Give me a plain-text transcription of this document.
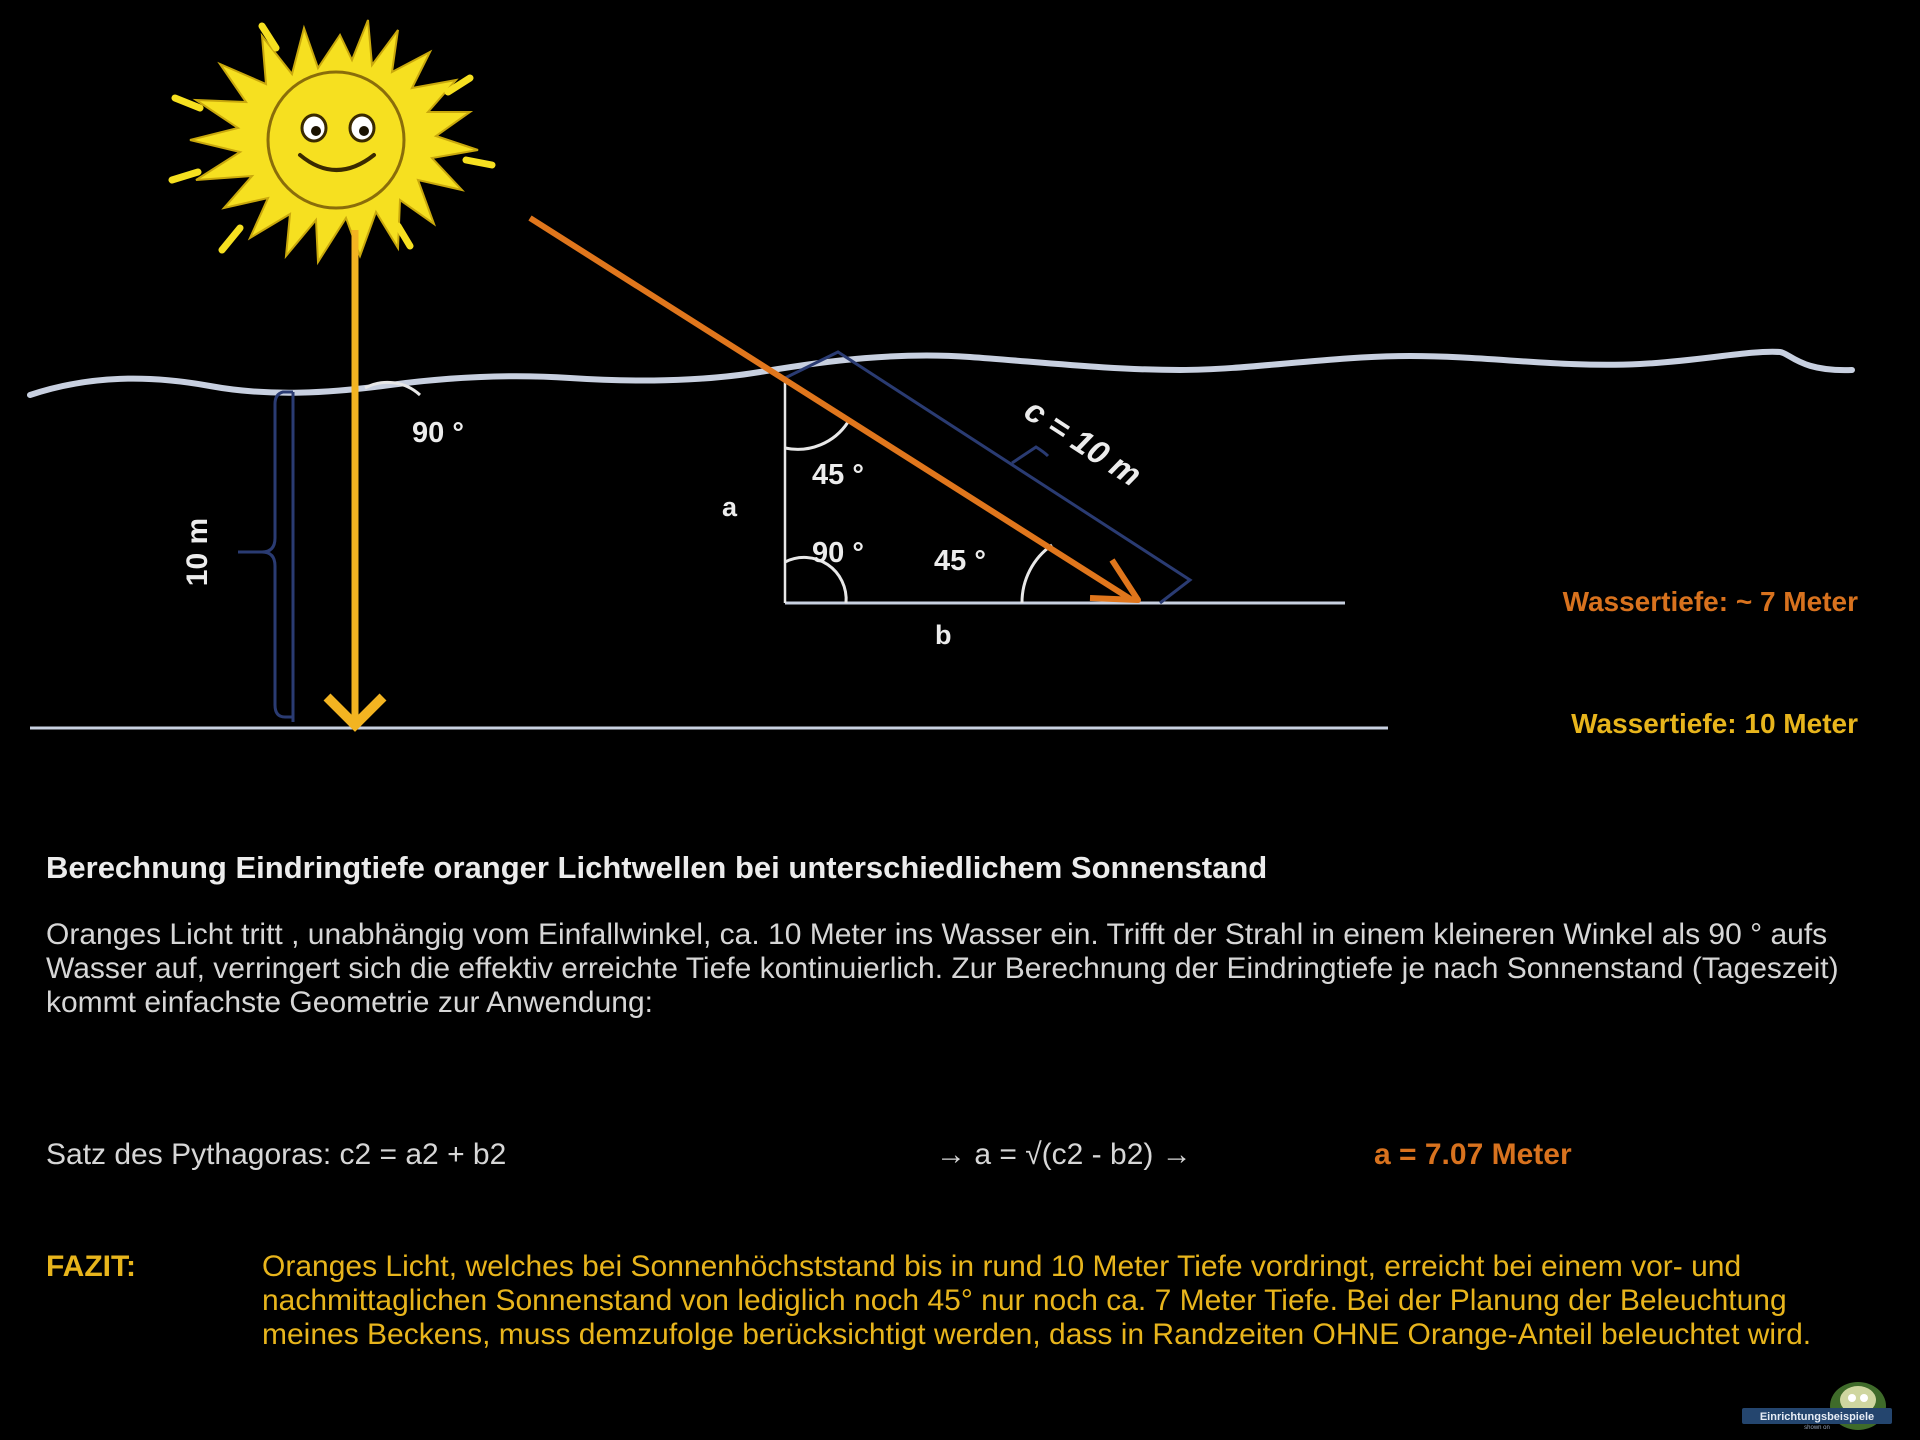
90 °
10 m
c = 10 m
a
b
45 °
90 ° 45 °
Wassertiefe: ~ 7 Meter
Wassertiefe: 10 Meter
Berechnung Eindringtiefe oranger Lichtwellen bei unterschiedlichem Sonnenstand

Oranges Licht tritt , unabhängig vom Einfallwinkel, ca. 10 Meter ins Wasser ein. Trifft der Strahl in einem kleineren Winkel als 90 ° aufs Wasser auf, verringert sich die effektiv erreichte Tiefe kontinuierlich. Zur Berechnung der Eindringtiefe je nach Sonnenstand (Tageszeit) kommt einfachste Geometrie zur Anwendung:

Satz des Pythagoras: c2 = a2 + b2	→ a = √(c2 - b2) →	a = 7.07 Meter
FAZIT:	Oranges Licht, welches bei Sonnenhöchststand bis in rund 10 Meter Tiefe vordringt, erreicht bei einem vor- und nachmittaglichen Sonnenstand von lediglich noch 45° nur noch ca. 7 Meter Tiefe. Bei der Planung der Beleuchtung meines Beckens, muss demzufolge berücksichtigt werden, dass in Randzeiten OHNE Orange-Anteil beleuchtet wird.

Einrichtungsbeispiele
shown on
